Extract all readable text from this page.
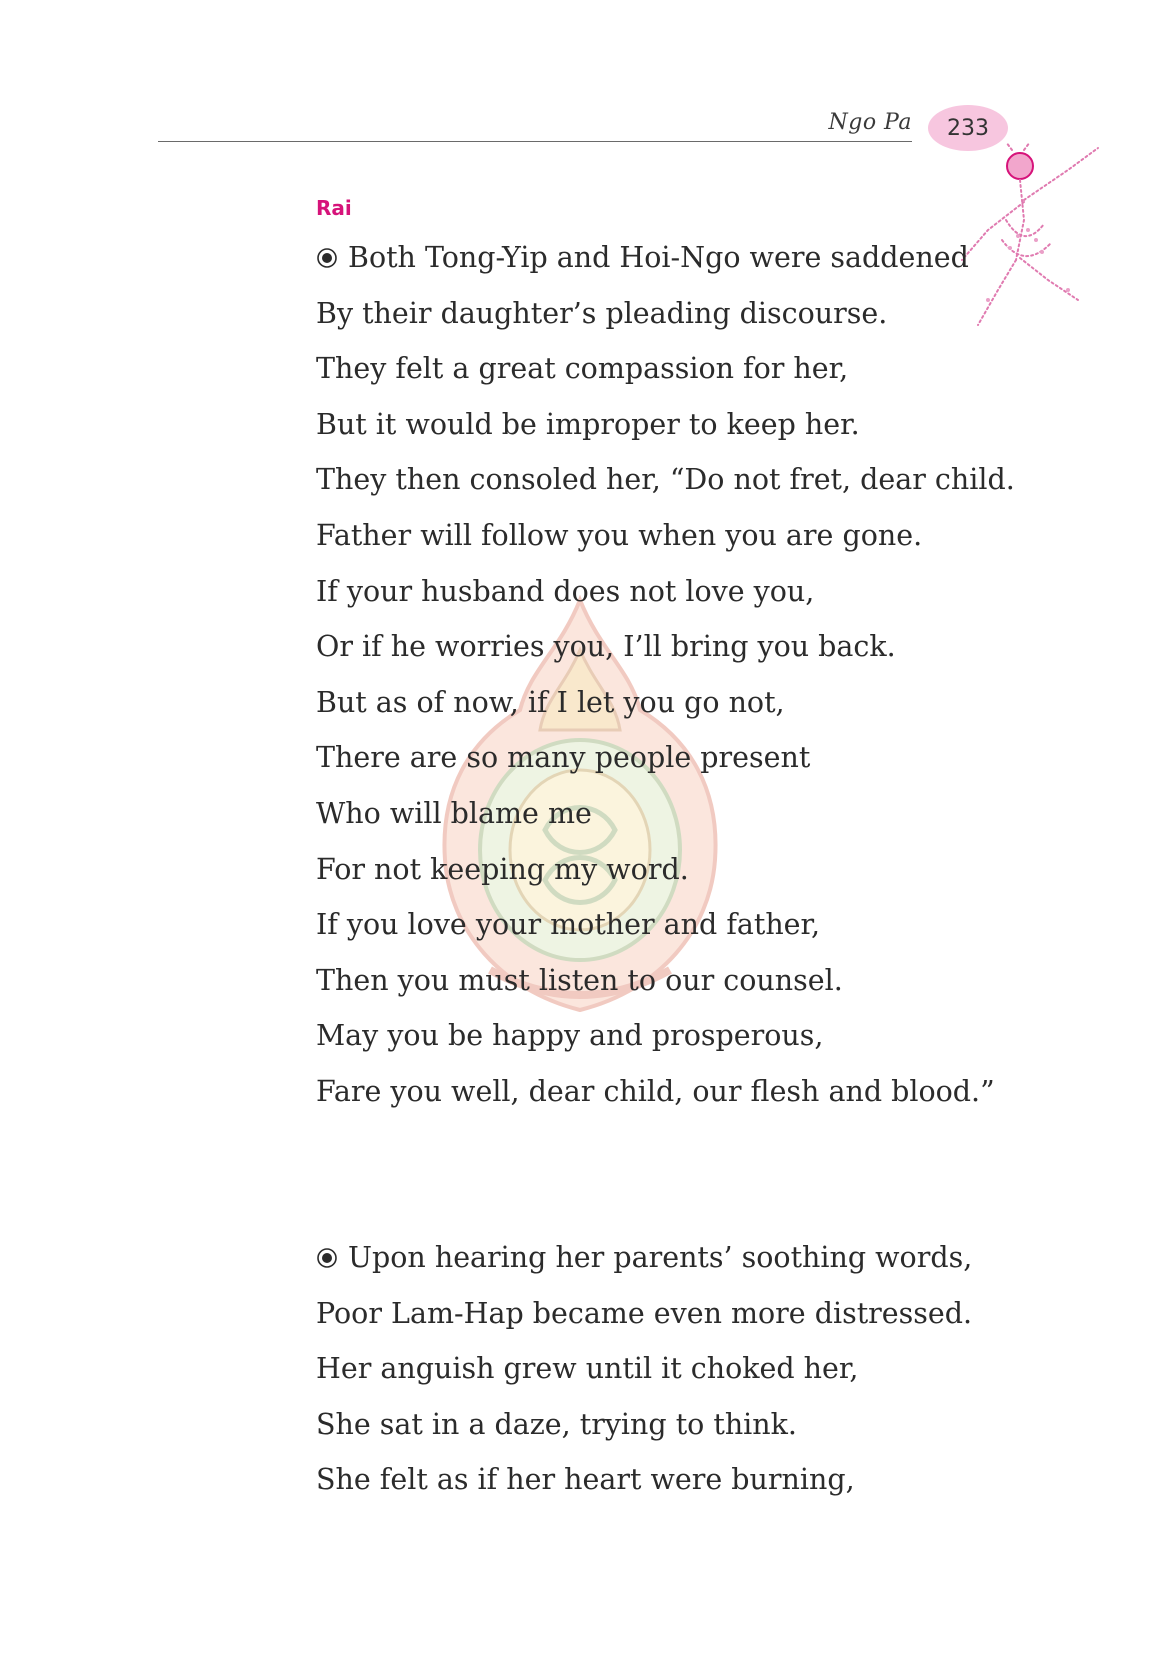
Ngo Pa 233
Rai
Both Tong-Yip and Hoi-Ngo were saddened
By their daughter’s pleading discourse.
They felt a great compassion for her,
But it would be improper to keep her.
They then consoled her, “Do not fret, dear child.
Father will follow you when you are gone.
If your husband does not love you,
Or if he worries you, I’ll bring you back.
But as of now, if I let you go not,
There are so many people present
Who will blame me
For not keeping my word.
If you love your mother and father,
Then you must listen to our counsel.
May you be happy and prosperous,
Fare you well, dear child, our flesh and blood.”
Upon hearing her parents’ soothing words,
Poor Lam-Hap became even more distressed.
Her anguish grew until it choked her,
She sat in a daze, trying to think.
She felt as if her heart were burning,
